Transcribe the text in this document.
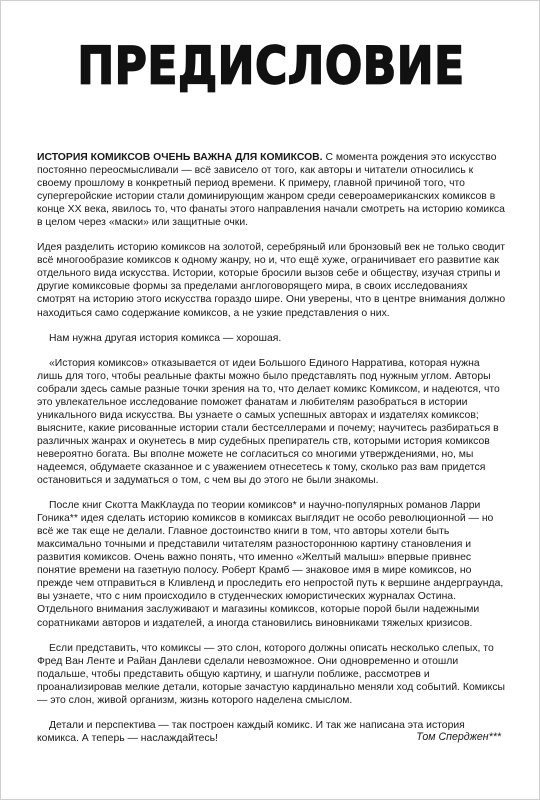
ПРЕДИСЛОВИЕ

ИСТОРИЯ КОМИКСОВ ОЧЕНЬ ВАЖНА ДЛЯ КОМИКСОВ. С момента рождения это искусство постоянно переосмысливали — всё зависело от того, как авторы и читатели относились к своему прошлому в конкретный период времени. К примеру, главной причиной того, что супергеройские истории стали доминирующим жанром среди североамериканских комиксов в конце XX века, явилось то, что фанаты этого направления начали смотреть на историю комикса в целом через «маски» или защитные очки.

Идея разделить историю комиксов на золотой, серебряный или бронзовый век не только сводит всё многообразие комиксов к одному жанру, но и, что ещё хуже, ограничивает его развитие как отдельного вида искусства. Истории, которые бросили вызов себе и обществу, изучая стрипы и другие комиксовые формы за пределами англоговорящего мира, в своих исследованиях смотрят на историю этого искусства гораздо шире. Они уверены, что в центре внимания должно находиться само содержание комиксов, а не узкие представления о них.

Нам нужна другая история комикса — хорошая.

«История комиксов» отказывается от идеи Большого Единого Нарратива, которая нужна лишь для того, чтобы реальные факты можно было представлять под нужным углом. Авторы собрали здесь самые разные точки зрения на то, что делает комикс Комиксом, и надеются, что это увлекательное исследование поможет фанатам и любителям разобраться в истории уникального вида искусства. Вы узнаете о самых успешных авторах и издателях комиксов; выясните, какие рисованные истории стали бестселлерами и почему; научитесь разбираться в различных жанрах и окунетесь в мир судебных препиратель ств, которыми история комиксов невероятно богата. Вы вполне можете не согласиться со многими утверждениями, но, мы надеемся, обдумаете сказанное и с уважением отнесетесь к тому, сколько раз вам придется остановиться и задуматься о том, с чем вы до этого не были знакомы.

После книг Скотта МакКлауда по теории комиксов* и научно-популярных романов Ларри Гоника** идея сделать историю комиксов в комиксах выглядит не особо революционной — но всё же так еще не делали. Главное достоинство книги в том, что авторы хотели быть максимально точными и представили читателям разностороннюю картину становления и развития комиксов. Очень важно понять, что именно «Желтый малыш» впервые привнес понятие времени на газетную полосу. Роберт Крамб — знаковое имя в мире комиксов, но прежде чем отправиться в Кливленд и проследить его непростой путь к вершине андерграунда, вы узнаете, что с ним происходило в студенческих юмористических журналах Остина. Отдельного внимания заслуживают и магазины комиксов, которые порой были надежными соратниками авторов и издателей, а иногда становились виновниками тяжелых кризисов.

Если представить, что комиксы — это слон, которого должны описать несколько слепых, то Фред Ван Ленте и Райан Данлеви сделали невозможное. Они одновременно и отошли подальше, чтобы представить общую картину, и шагнули поближе, рассмотрев и проанализировав мелкие детали, которые зачастую кардинально меняли ход событий. Комиксы — это слон, живой организм, жизнь которого наделена смыслом.

Детали и перспектива — так построен каждый комикс. И так же написана эта история комикса. А теперь — наслаждайтесь!	Том Сперджен***
